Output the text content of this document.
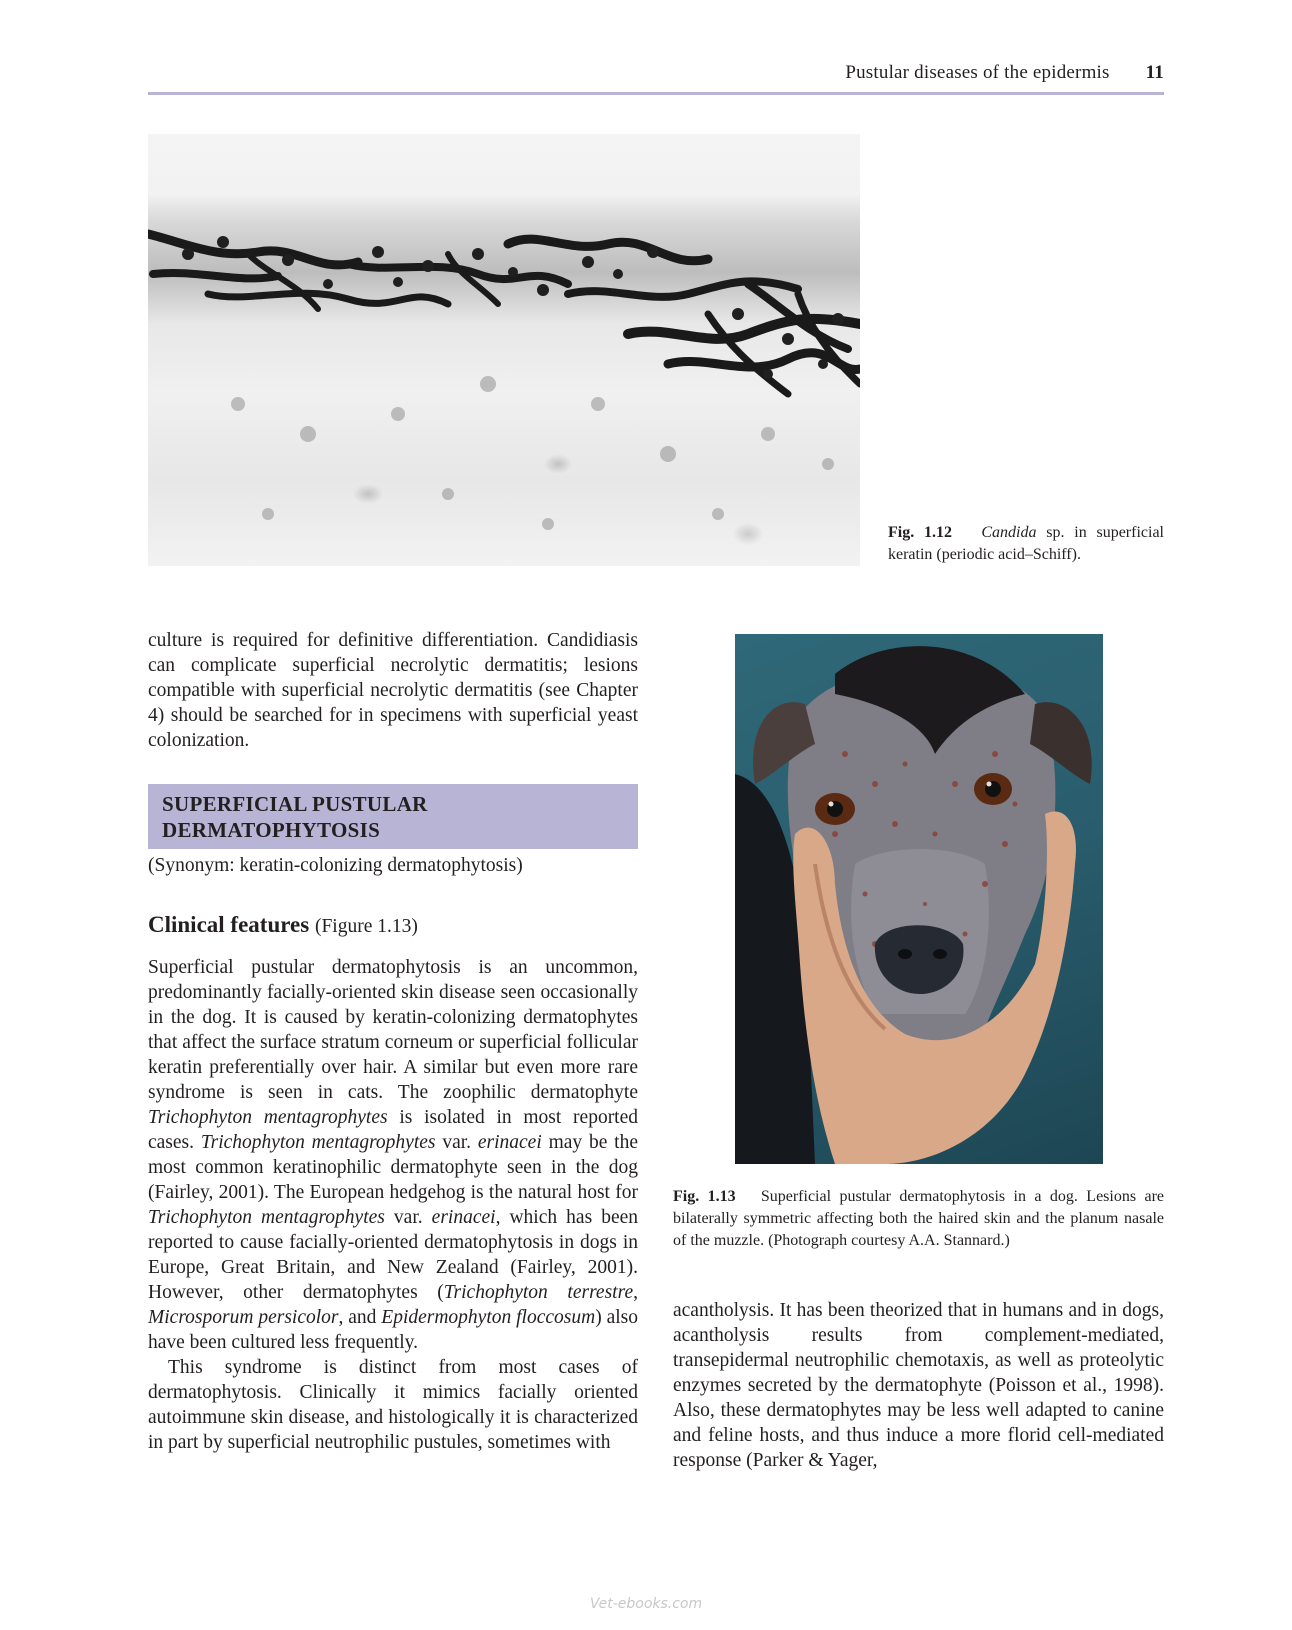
Pustular diseases of the epidermis 11
Fig. 1.12 Candida sp. in superficial keratin (periodic acid–Schiff).

culture is required for definitive differentiation. Candidiasis can complicate superficial necrolytic dermatitis; lesions compatible with superficial necrolytic dermatitis (see Chapter 4) should be searched for in specimens with superficial yeast colonization.

SUPERFICIAL PUSTULAR
DERMATOPHYTOSIS
(Synonym: keratin-colonizing dermatophytosis)
Clinical features (Figure 1.13)

Superficial pustular dermatophytosis is an uncommon, predominantly facially-oriented skin disease seen occasionally in the dog. It is caused by keratin-colonizing dermatophytes that affect the surface stratum corneum or superficial follicular keratin preferentially over hair. A similar but even more rare syndrome is seen in cats. The zoophilic dermatophyte Trichophyton mentagrophytes is isolated in most reported cases. Trichophyton mentagrophytes var. erinacei may be the most common keratinophilic dermatophyte seen in the dog (Fairley, 2001). The European hedgehog is the natural host for Trichophyton mentagrophytes var. erinacei, which has been reported to cause facially-oriented dermatophytosis in dogs in Europe, Great Britain, and New Zealand (Fairley, 2001). However, other dermatophytes (Trichophyton terrestre, Microsporum persicolor, and Epidermophyton floccosum) also have been cultured less frequently.

This syndrome is distinct from most cases of dermatophytosis. Clinically it mimics facially oriented autoimmune skin disease, and histologically it is characterized in part by superficial neutrophilic pustules, sometimes with

Fig. 1.13 Superficial pustular dermatophytosis in a dog. Lesions are bilaterally symmetric affecting both the haired skin and the planum nasale of the muzzle. (Photograph courtesy A.A. Stannard.)

acantholysis. It has been theorized that in humans and in dogs, acantholysis results from complement-mediated, transepidermal neutrophilic chemotaxis, as well as proteolytic enzymes secreted by the dermatophyte (Poisson et al., 1998). Also, these dermatophytes may be less well adapted to canine and feline hosts, and thus induce a more florid cell-mediated response (Parker & Yager,

Vet-ebooks.com
